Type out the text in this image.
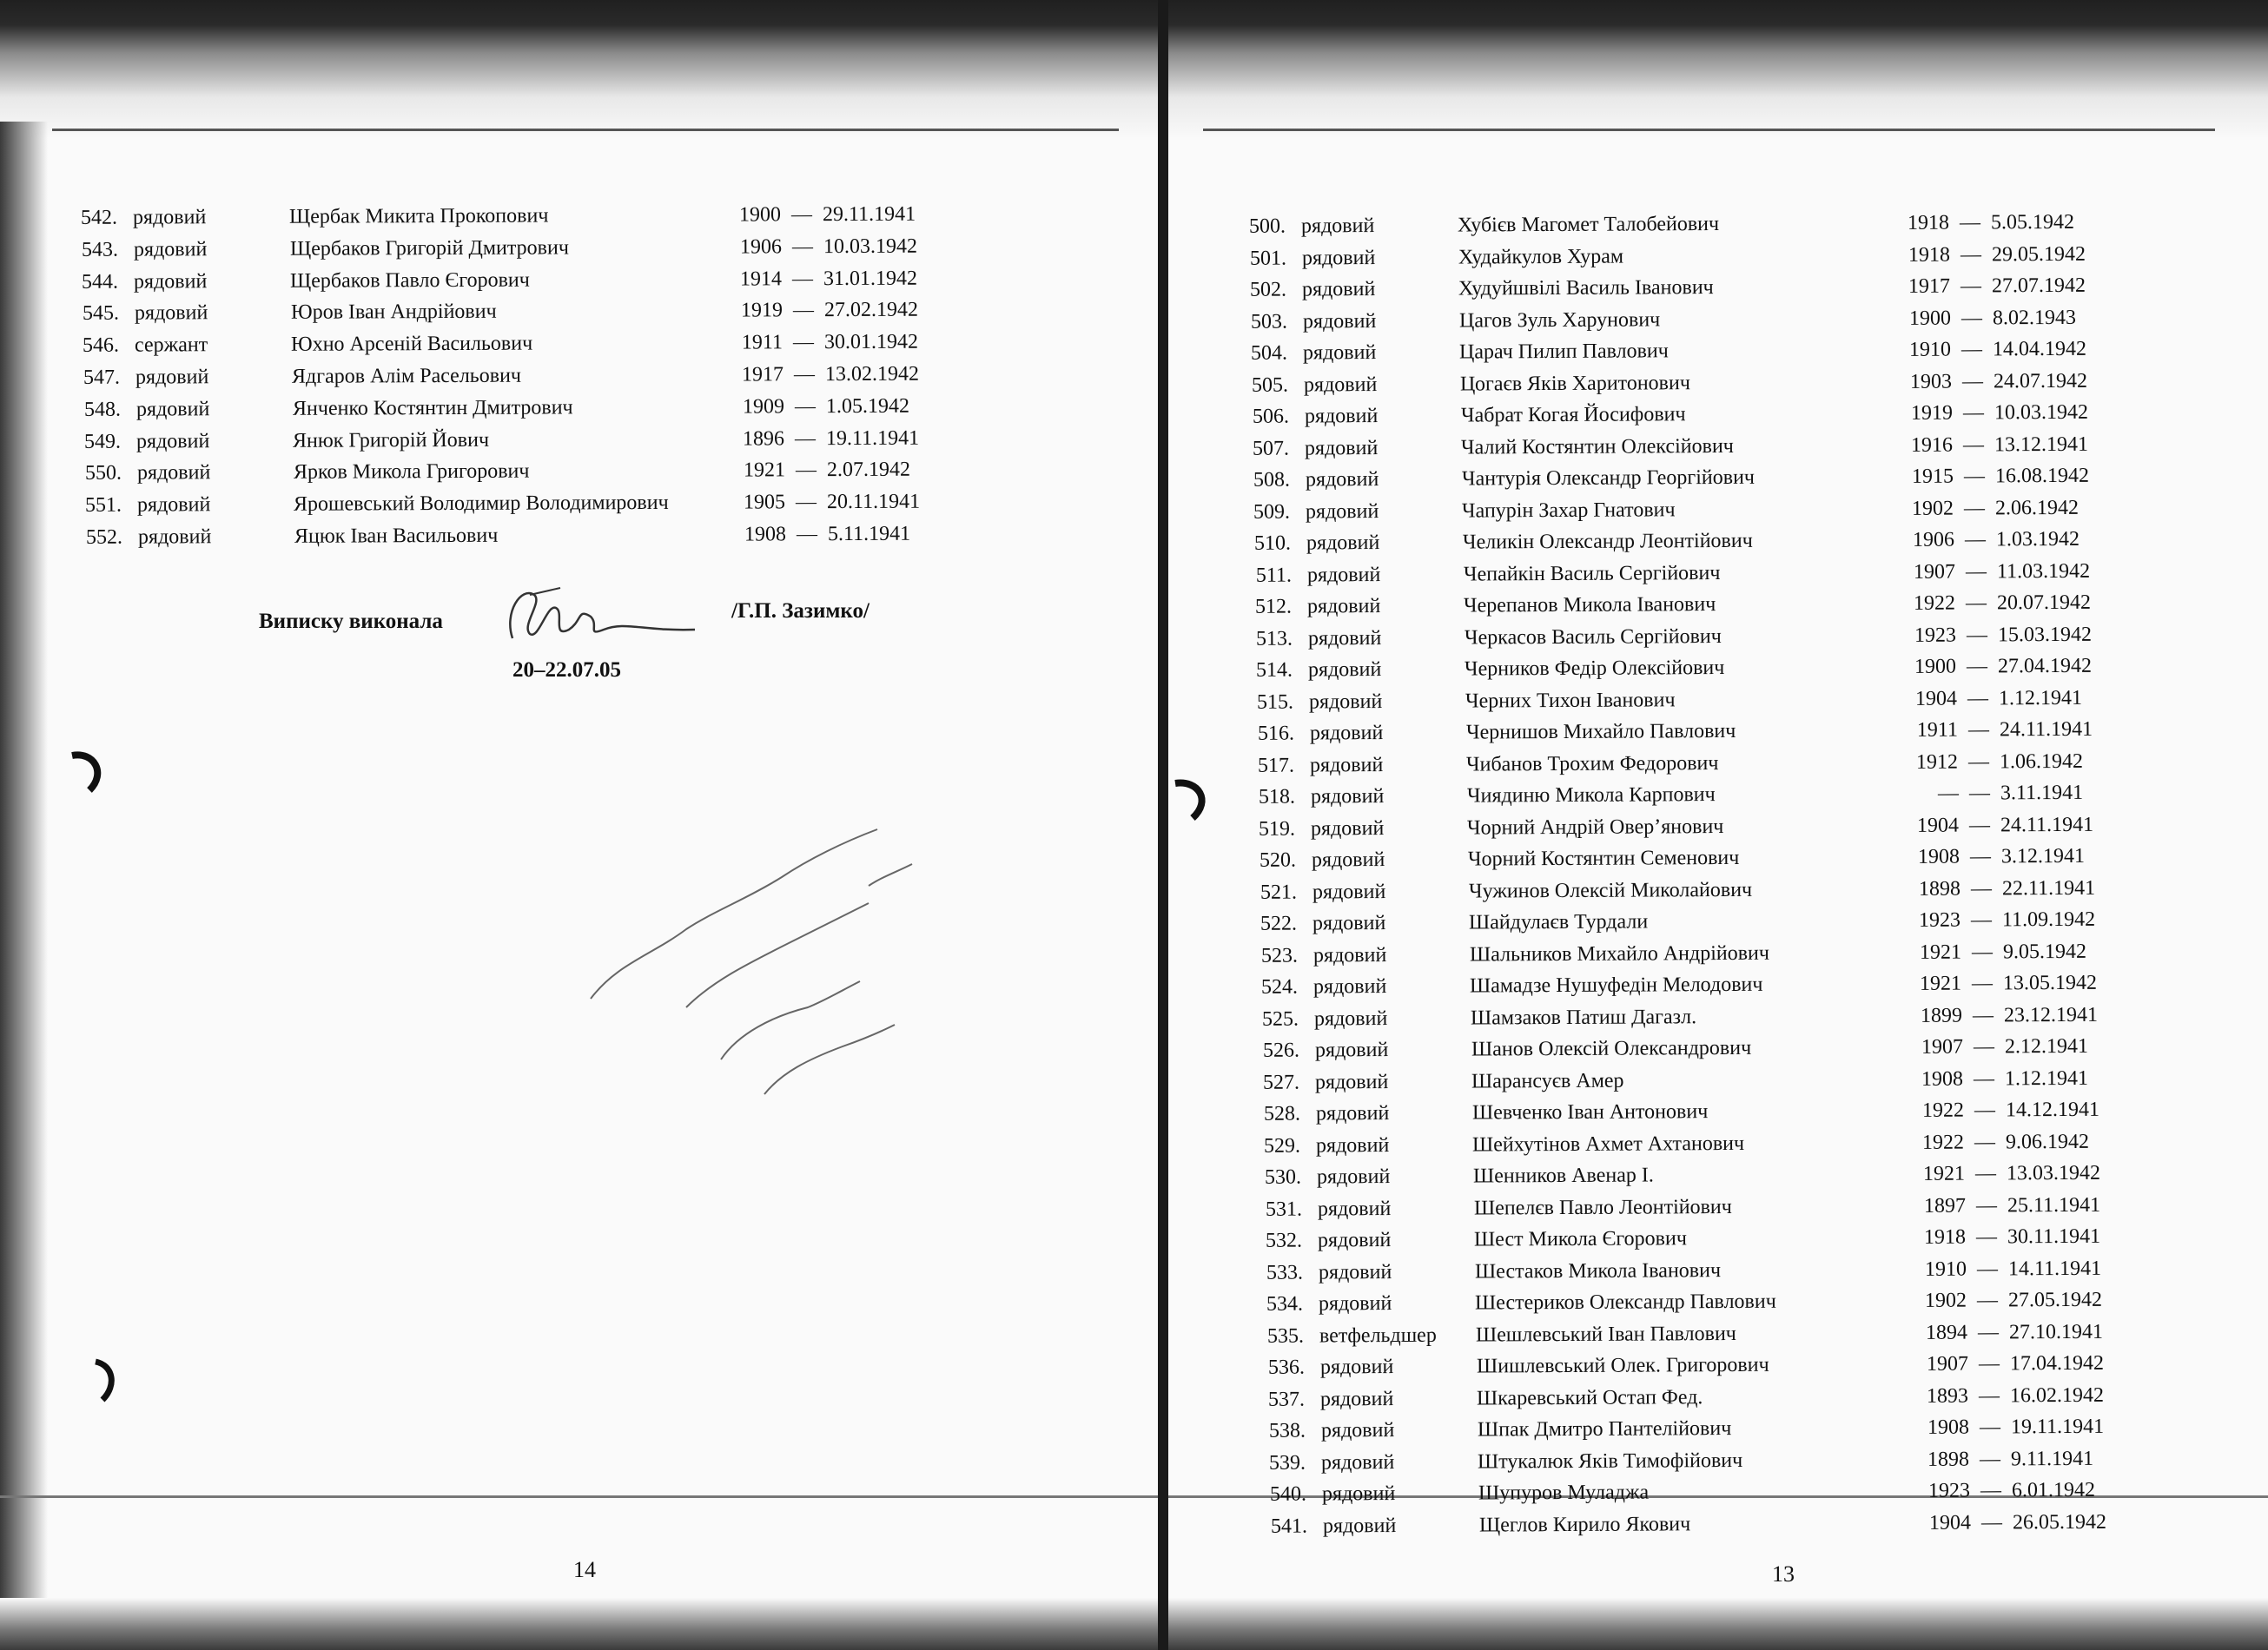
542. рядовий	Щербак Микита Прокопович	1900 — 29.11.1941
543. рядовий	Щербаков Григорій Дмитрович	1906 — 10.03.1942
544. рядовий	Щербаков Павло Єгорович	1914 — 31.01.1942
545. рядовий	Юров Іван Андрійович	1919 — 27.02.1942
546. сержант	Юхно Арсеній Васильович	1911 — 30.01.1942
547. рядовий	Ядгаров Алім Расельович	1917 — 13.02.1942
548. рядовий	Янченко Костянтин Дмитрович	1909 — 1.05.1942
549. рядовий	Янюк Григорій Йович	1896 — 19.11.1941
550. рядовий	Ярков Микола Григорович	1921 — 2.07.1942
551. рядовий	Ярошевський Володимир Володимирович	1905 — 20.11.1941
552. рядовий	Яцюк Іван Васильович	1908 — 5.11.1941
Виписку виконала	/Г.П. Зазимко/
20–22.07.05
14
500. рядовий	Хубієв Магомет Талобейович	1918 — 5.05.1942
501. рядовий	Худайкулов Хурам	1918 — 29.05.1942
502. рядовий	Худуйшвілі Василь Іванович	1917 — 27.07.1942
503. рядовий	Цагов Зуль Харунович	1900 — 8.02.1943
504. рядовий	Царач Пилип Павлович	1910 — 14.04.1942
505. рядовий	Цогаєв Яків Харитонович	1903 — 24.07.1942
506. рядовий	Чабрат Когая Йосифович	1919 — 10.03.1942
507. рядовий	Чалий Костянтин Олексійович	1916 — 13.12.1941
508. рядовий	Чантурія Олександр Георгійович	1915 — 16.08.1942
509. рядовий	Чапурін Захар Гнатович	1902 — 2.06.1942
510. рядовий	Челикін Олександр Леонтійович	1906 — 1.03.1942
511. рядовий	Чепайкін Василь Сергійович	1907 — 11.03.1942
512. рядовий	Черепанов Микола Іванович	1922 — 20.07.1942
513. рядовий	Черкасов Василь Сергійович	1923 — 15.03.1942
514. рядовий	Черников Федір Олексійович	1900 — 27.04.1942
515. рядовий	Черних Тихон Іванович	1904 — 1.12.1941
516. рядовий	Чернишов Михайло Павлович	1911 — 24.11.1941
517. рядовий	Чибанов Трохим Федорович	1912 — 1.06.1942
518. рядовий	Чиядиню Микола Карпович	— — 3.11.1941
519. рядовий	Чорний Андрій Овер’янович	1904 — 24.11.1941
520. рядовий	Чорний Костянтин Семенович	1908 — 3.12.1941
521. рядовий	Чужинов Олексій Миколайович	1898 — 22.11.1941
522. рядовий	Шайдулаєв Турдали	1923 — 11.09.1942
523. рядовий	Шальников Михайло Андрійович	1921 — 9.05.1942
524. рядовий	Шамадзе Нушуфедін Мелодович	1921 — 13.05.1942
525. рядовий	Шамзаков Патиш Дагазл.	1899 — 23.12.1941
526. рядовий	Шанов Олексій Олександрович	1907 — 2.12.1941
527. рядовий	Шарансуєв Амер	1908 — 1.12.1941
528. рядовий	Шевченко Іван Антонович	1922 — 14.12.1941
529. рядовий	Шейхутінов Ахмет Ахтанович	1922 — 9.06.1942
530. рядовий	Шенников Авенар І.	1921 — 13.03.1942
531. рядовий	Шепелєв Павло Леонтійович	1897 — 25.11.1941
532. рядовий	Шест Микола Єгорович	1918 — 30.11.1941
533. рядовий	Шестаков Микола Іванович	1910 — 14.11.1941
534. рядовий	Шестериков Олександр Павлович	1902 — 27.05.1942
535. ветфельдшер	Шешлевський Іван Павлович	1894 — 27.10.1941
536. рядовий	Шишлевський Олек. Григорович	1907 — 17.04.1942
537. рядовий	Шкаревський Остап Фед.	1893 — 16.02.1942
538. рядовий	Шпак Дмитро Пантелійович	1908 — 19.11.1941
539. рядовий	Штукалюк Яків Тимофійович	1898 — 9.11.1941
540. рядовий	Шупуров Муладжа	1923 — 6.01.1942
541. рядовий	Щеглов Кирило Якович	1904 — 26.05.1942
13
